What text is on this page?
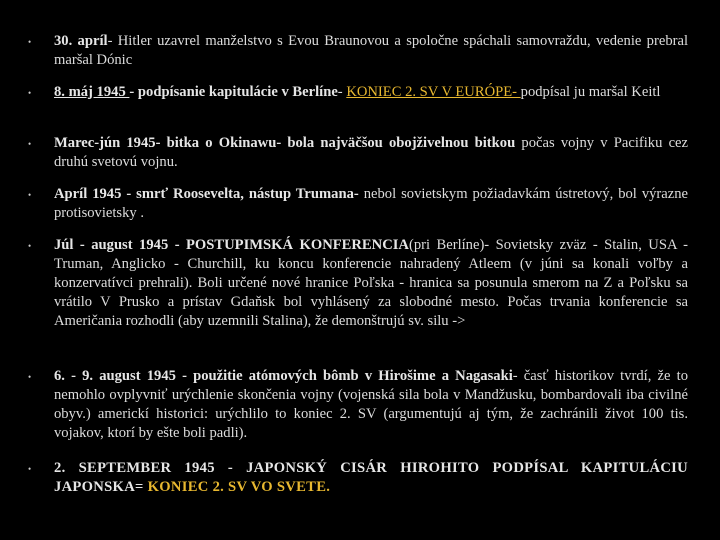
• 30. apríl- Hitler uzavrel manželstvo s Evou Braunovou a spoločne spáchali samovraždu, vedenie prebral maršal Dónic
• 8. máj 1945 - podpísanie kapitulácie v Berlíne- KONIEC 2. SV V EURÓPE- podpísal ju maršal Keitl
• Marec-jún 1945- bitka o Okinawu- bola najväčšou obojživelnou bitkou počas vojny v Pacifiku cez druhú svetovú vojnu.
• Apríl 1945 - smrť Roosevelta, nástup Trumana- nebol sovietskym požiadavkám ústretový, bol výrazne protisovietsky .
• Júl - august 1945 - POSTUPIMSKÁ KONFERENCIA(pri Berlíne)- Sovietsky zväz - Stalin, USA - Truman, Anglicko - Churchill, ku koncu konferencie nahradený Atleem (v júni sa konali voľby a konzervatívci prehrali). Boli určené nové hranice Poľska - hranica sa posunula smerom na Z a Poľsku sa vrátilo V Prusko a prístav Gdaňsk bol vyhlásený za slobodné mesto. Počas trvania konferencie sa Američania rozhodli (aby uzemnili Stalina), že demonštrujú sv. silu ->
• 6. - 9. august 1945 - použitie atómových bômb v Hirošime a Nagasaki- časť historikov tvrdí, že to nemohlo ovplyvniť urýchlenie skončenia vojny (vojenská sila bola v Mandžusku, bombardovali iba civilné obyv.) americkí historici: urýchlilo to koniec 2. SV (argumentujú aj tým, že zachránili život 100 tis. vojakov, ktorí by ešte boli padli).
• 2. SEPTEMBER 1945 - JAPONSKÝ CISÁR HIROHITO PODPÍSAL KAPITULÁCIU JAPONSKA= KONIEC 2. SV VO SVETE.
